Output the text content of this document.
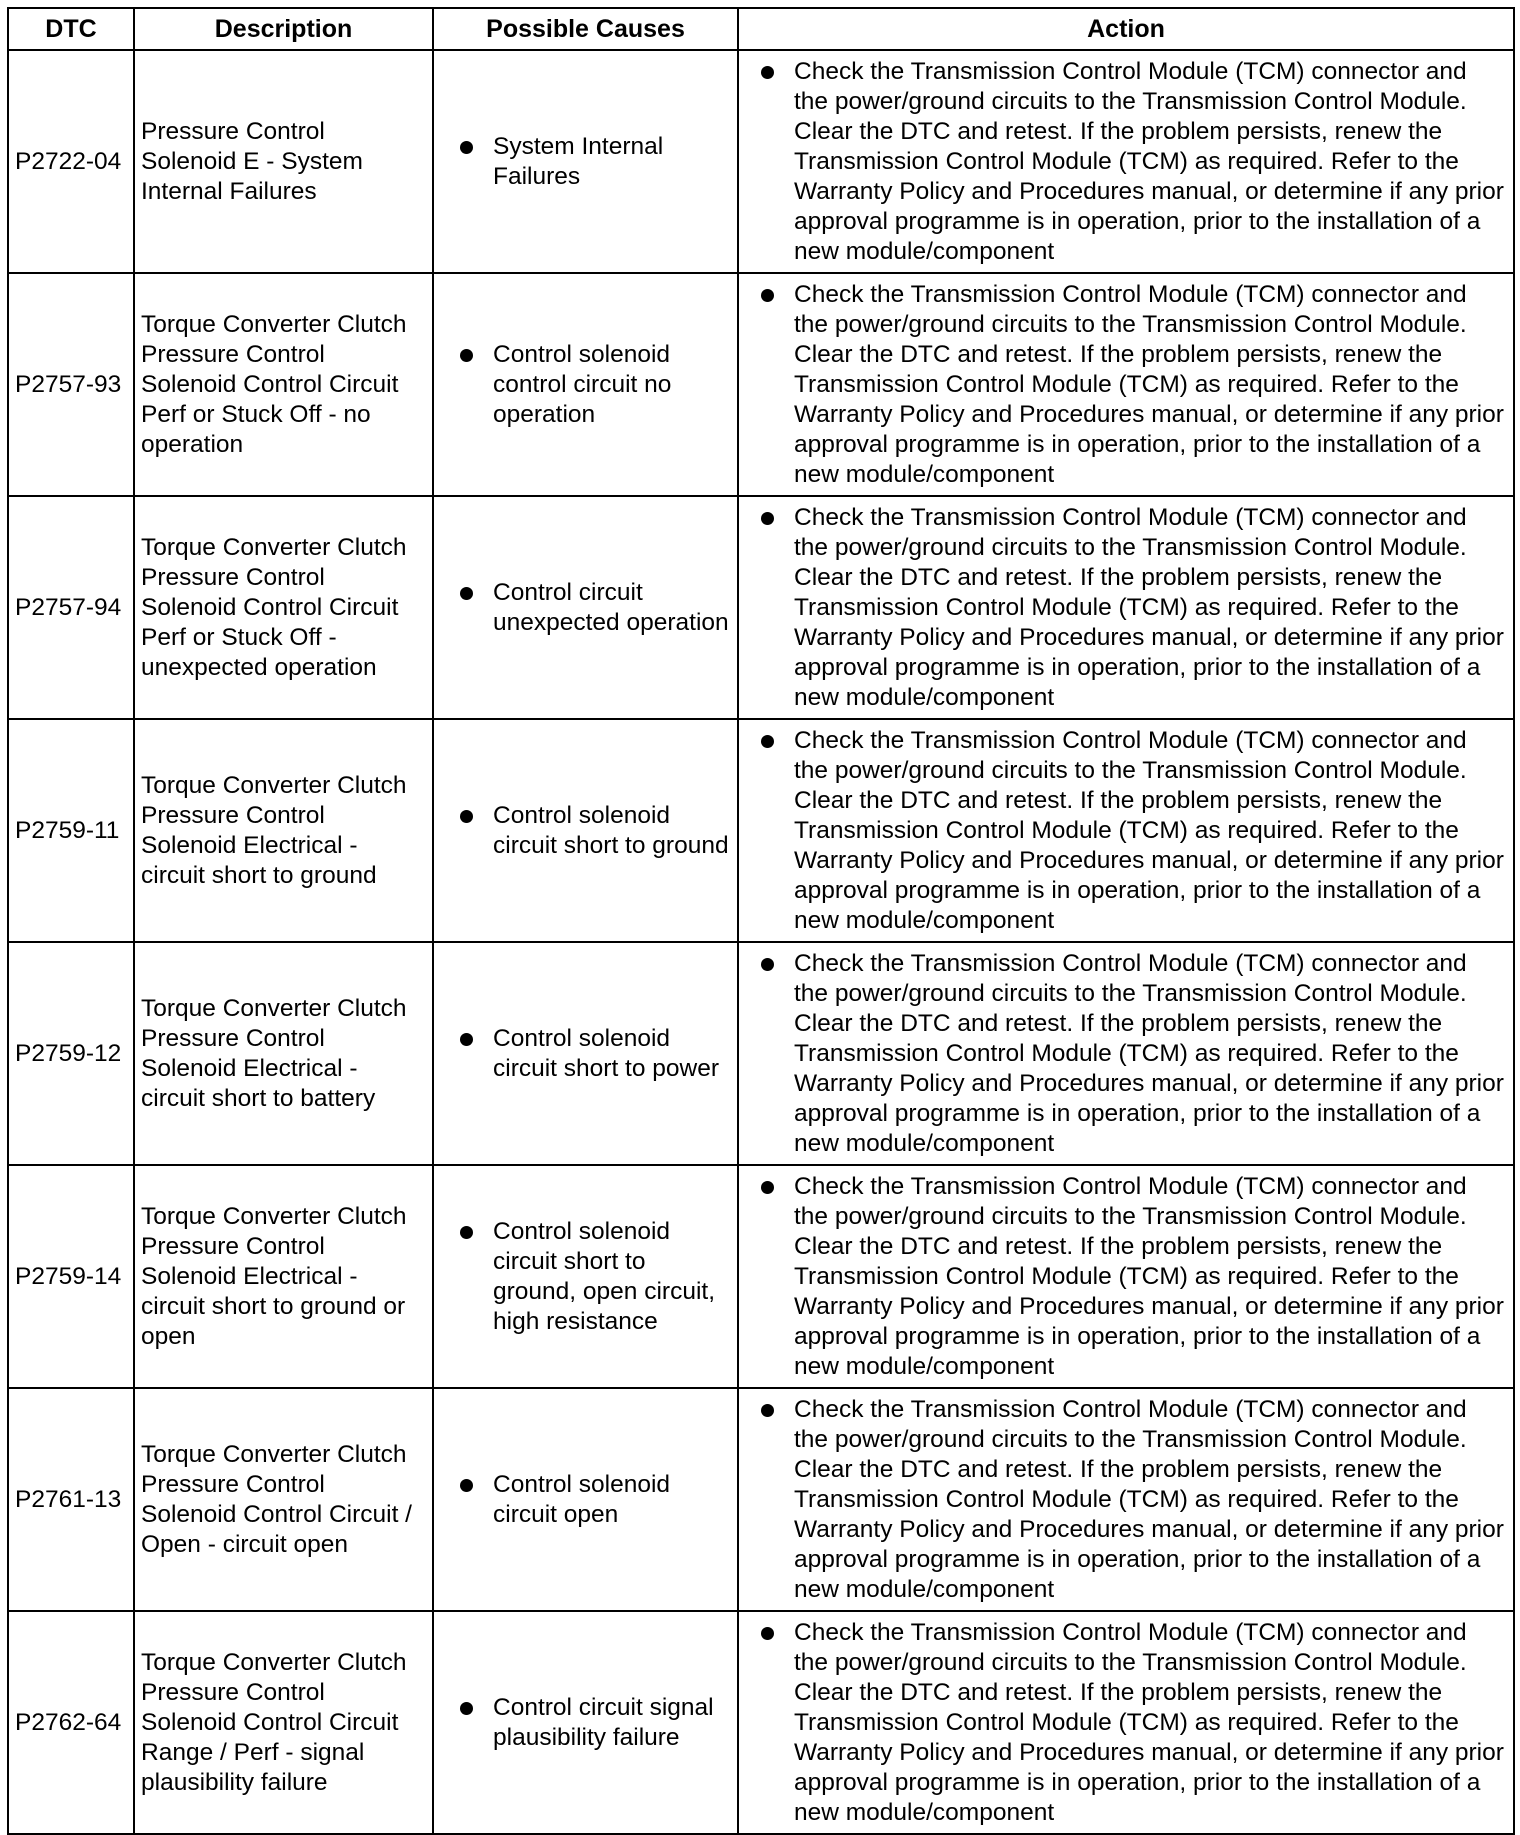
DTC	Description	Possible Causes	Action
P2722-04	Pressure Control Solenoid E - System Internal Failures	System Internal Failures	Check the Transmission Control Module (TCM) connector and the power/ground circuits to the Transmission Control Module. Clear the DTC and retest. If the problem persists, renew the Transmission Control Module (TCM) as required. Refer to the Warranty Policy and Procedures manual, or determine if any prior approval programme is in operation, prior to the installation of a new module/component

P2757-93	Torque Converter Clutch Pressure Control Solenoid Control Circuit Perf or Stuck Off - no operation	Control solenoid control circuit no operation	Check the Transmission Control Module (TCM) connector and the power/ground circuits to the Transmission Control Module. Clear the DTC and retest. If the problem persists, renew the Transmission Control Module (TCM) as required. Refer to the Warranty Policy and Procedures manual, or determine if any prior approval programme is in operation, prior to the installation of a new module/component

P2757-94	Torque Converter Clutch Pressure Control Solenoid Control Circuit Perf or Stuck Off - unexpected operation	Control circuit unexpected operation	Check the Transmission Control Module (TCM) connector and the power/ground circuits to the Transmission Control Module. Clear the DTC and retest. If the problem persists, renew the Transmission Control Module (TCM) as required. Refer to the Warranty Policy and Procedures manual, or determine if any prior approval programme is in operation, prior to the installation of a new module/component

P2759-11	Torque Converter Clutch Pressure Control Solenoid Electrical - circuit short to ground	Control solenoid circuit short to ground	Check the Transmission Control Module (TCM) connector and the power/ground circuits to the Transmission Control Module. Clear the DTC and retest. If the problem persists, renew the Transmission Control Module (TCM) as required. Refer to the Warranty Policy and Procedures manual, or determine if any prior approval programme is in operation, prior to the installation of a new module/component

P2759-12	Torque Converter Clutch Pressure Control Solenoid Electrical - circuit short to battery	Control solenoid circuit short to power	Check the Transmission Control Module (TCM) connector and the power/ground circuits to the Transmission Control Module. Clear the DTC and retest. If the problem persists, renew the Transmission Control Module (TCM) as required. Refer to the Warranty Policy and Procedures manual, or determine if any prior approval programme is in operation, prior to the installation of a new module/component

P2759-14	Torque Converter Clutch Pressure Control Solenoid Electrical - circuit short to ground or open	Control solenoid circuit short to ground, open circuit, high resistance	Check the Transmission Control Module (TCM) connector and the power/ground circuits to the Transmission Control Module. Clear the DTC and retest. If the problem persists, renew the Transmission Control Module (TCM) as required. Refer to the Warranty Policy and Procedures manual, or determine if any prior approval programme is in operation, prior to the installation of a new module/component

P2761-13	Torque Converter Clutch Pressure Control Solenoid Control Circuit / Open - circuit open	Control solenoid circuit open	Check the Transmission Control Module (TCM) connector and the power/ground circuits to the Transmission Control Module. Clear the DTC and retest. If the problem persists, renew the Transmission Control Module (TCM) as required. Refer to the Warranty Policy and Procedures manual, or determine if any prior approval programme is in operation, prior to the installation of a new module/component

P2762-64	Torque Converter Clutch Pressure Control Solenoid Control Circuit Range / Perf - signal plausibility failure	Control circuit signal plausibility failure	Check the Transmission Control Module (TCM) connector and the power/ground circuits to the Transmission Control Module. Clear the DTC and retest. If the problem persists, renew the Transmission Control Module (TCM) as required. Refer to the Warranty Policy and Procedures manual, or determine if any prior approval programme is in operation, prior to the installation of a new module/component
